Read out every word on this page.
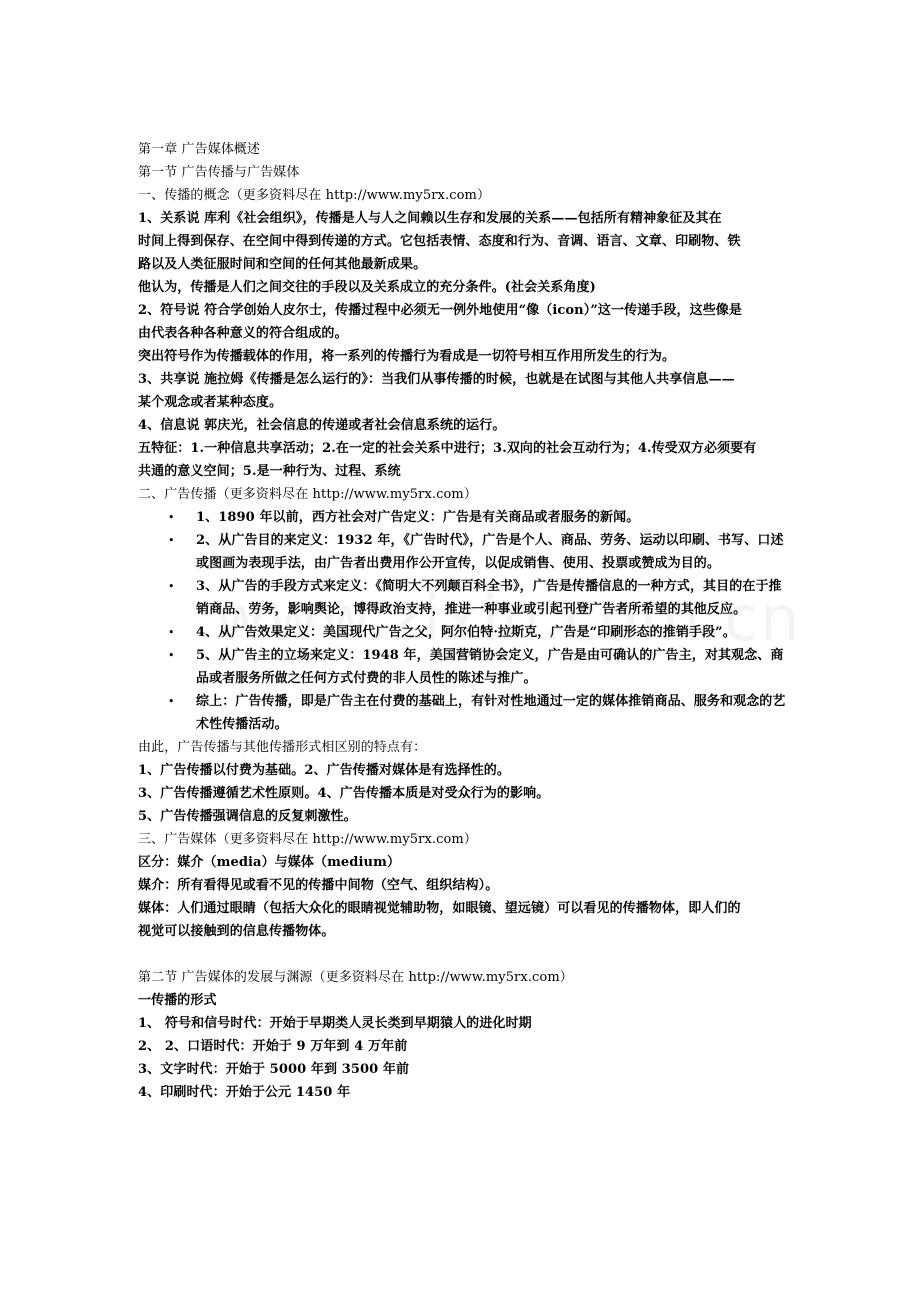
第一章 广告媒体概述
第一节 广告传播与广告媒体
一、传播的概念（更多资料尽在 http://www.my5rx.com）
1、关系说 库利《社会组织》，传播是人与人之间赖以生存和发展的关系——包括所有精神象征及其在
时间上得到保存、在空间中得到传递的方式。它包括表情、态度和行为、音调、语言、文章、印刷物、铁
路以及人类征服时间和空间的任何其他最新成果。
他认为，传播是人们之间交往的手段以及关系成立的充分条件。(社会关系角度)
2、符号说 符合学创始人皮尔士，传播过程中必须无一例外地使用“像（icon）”这一传递手段，这些像是
由代表各种各种意义的符合组成的。
突出符号作为传播载体的作用，将一系列的传播行为看成是一切符号相互作用所发生的行为。
3、共享说 施拉姆《传播是怎么运行的》：当我们从事传播的时候，也就是在试图与其他人共享信息——
某个观念或者某种态度。
4、信息说 郭庆光，社会信息的传递或者社会信息系统的运行。
五特征：1.一种信息共享活动；2.在一定的社会关系中进行；3.双向的社会互动行为；4.传受双方必须要有
共通的意义空间；5.是一种行为、过程、系统
二、广告传播（更多资料尽在 http://www.my5rx.com）
• 1、1890 年以前，西方社会对广告定义：广告是有关商品或者服务的新闻。
• 2、从广告目的来定义：1932 年，《广告时代》，广告是个人、商品、劳务、运动以印刷、书写、口述或图画为表现手法，由广告者出费用作公开宣传，以促成销售、使用、投票或赞成为目的。
• 3、从广告的手段方式来定义：《简明大不列颠百科全书》，广告是传播信息的一种方式，其目的在于推销商品、劳务，影响舆论，博得政治支持，推进一种事业或引起刊登广告者所希望的其他反应。
• 4、从广告效果定义：美国现代广告之父，阿尔伯特·拉斯克，广告是“印刷形态的推销手段”。
• 5、从广告主的立场来定义：1948 年，美国营销协会定义，广告是由可确认的广告主，对其观念、商品或者服务所做之任何方式付费的非人员性的陈述与推广。
• 综上：广告传播，即是广告主在付费的基础上，有针对性地通过一定的媒体推销商品、服务和观念的艺术性传播活动。
由此，广告传播与其他传播形式相区别的特点有：
1、广告传播以付费为基础。2、广告传播对媒体是有选择性的。
3、广告传播遵循艺术性原则。4、广告传播本质是对受众行为的影响。
5、广告传播强调信息的反复刺激性。
三、广告媒体（更多资料尽在 http://www.my5rx.com）
区分：媒介（media）与媒体（medium）
媒介：所有看得见或看不见的传播中间物（空气、组织结构）。
媒体：人们通过眼睛（包括大众化的眼睛视觉辅助物，如眼镜、望远镜）可以看见的传播物体，即人们的
视觉可以接触到的信息传播物体。
第二节 广告媒体的发展与渊源（更多资料尽在 http://www.my5rx.com）
一传播的形式
1、 符号和信号时代：开始于早期类人灵长类到早期猿人的进化时期
2、 2、口语时代：开始于 9 万年到 4 万年前
3、文字时代：开始于 5000 年到 3500 年前
4、印刷时代：开始于公元 1450 年
